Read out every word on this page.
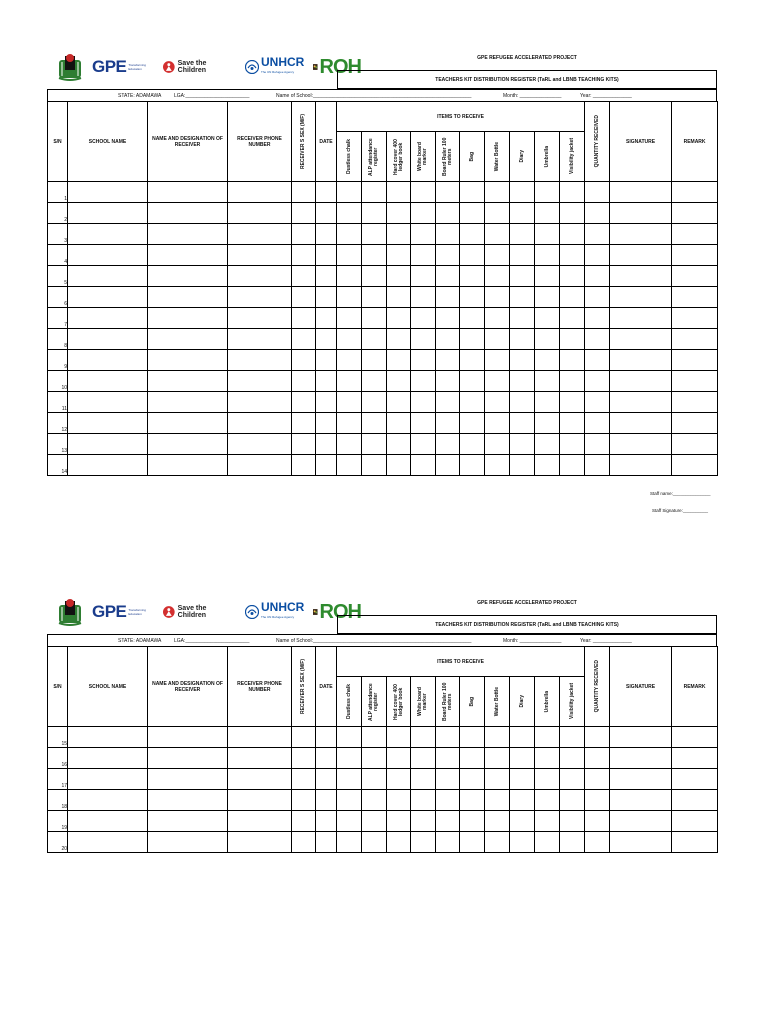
GPE Transforming Education
Save the Children
UNHCR
The UN Refugee Agency	ROH	GPE REFUGEE ACCELERATED PROJECT
TEACHERS KIT DISTRIBUTION REGISTER (TaRL and LBNB TEACHING KITS)
STATE: ADAMAWA	LGA:_______________________	Name of School:_________________________________________________________	Month: _______________	Year: ______________
S/N	SCHOOL NAME	NAME AND DESIGNATION OF RECEIVER	RECEIVER PHONE NUMBER	RECEIVER S SEX (M/F)	DATE	ITEMS TO RECEIVE										QUANTITY RECEIVED	SIGNATURE	REMARK

						Dustless chalk	ALP attendance register	Hard cover 400 ledger book	White board marker	Board Ruler 100 meters	Bag	Water Bottle	Diary	Umbrella	Visibility jacket			

1																		
2																		
3																		
4																		
5																		
6																		
7																		
8																		
9																		
10																		
11																		
12																		
13																		
14																		
Staff name:_______________
Staff Signature:__________
GPE Transforming Education
Save the Children
UNHCR
The UN Refugee Agency	ROH	GPE REFUGEE ACCELERATED PROJECT
TEACHERS KIT DISTRIBUTION REGISTER (TaRL and LBNB TEACHING KITS)
STATE: ADAMAWA	LGA:_______________________	Name of School:_________________________________________________________	Month: _______________	Year: ______________
S/N	SCHOOL NAME	NAME AND DESIGNATION OF RECEIVER	RECEIVER PHONE NUMBER	RECEIVER S SEX (M/F)	DATE	ITEMS TO RECEIVE										QUANTITY RECEIVED	SIGNATURE	REMARK

						Dustless chalk	ALP attendance register	Hard cover 400 ledger book	White board marker	Board Ruler 100 meters	Bag	Water Bottle	Diary	Umbrella	Visibility jacket			

15																		
16																		
17																		
18																		
19																		
20																		
